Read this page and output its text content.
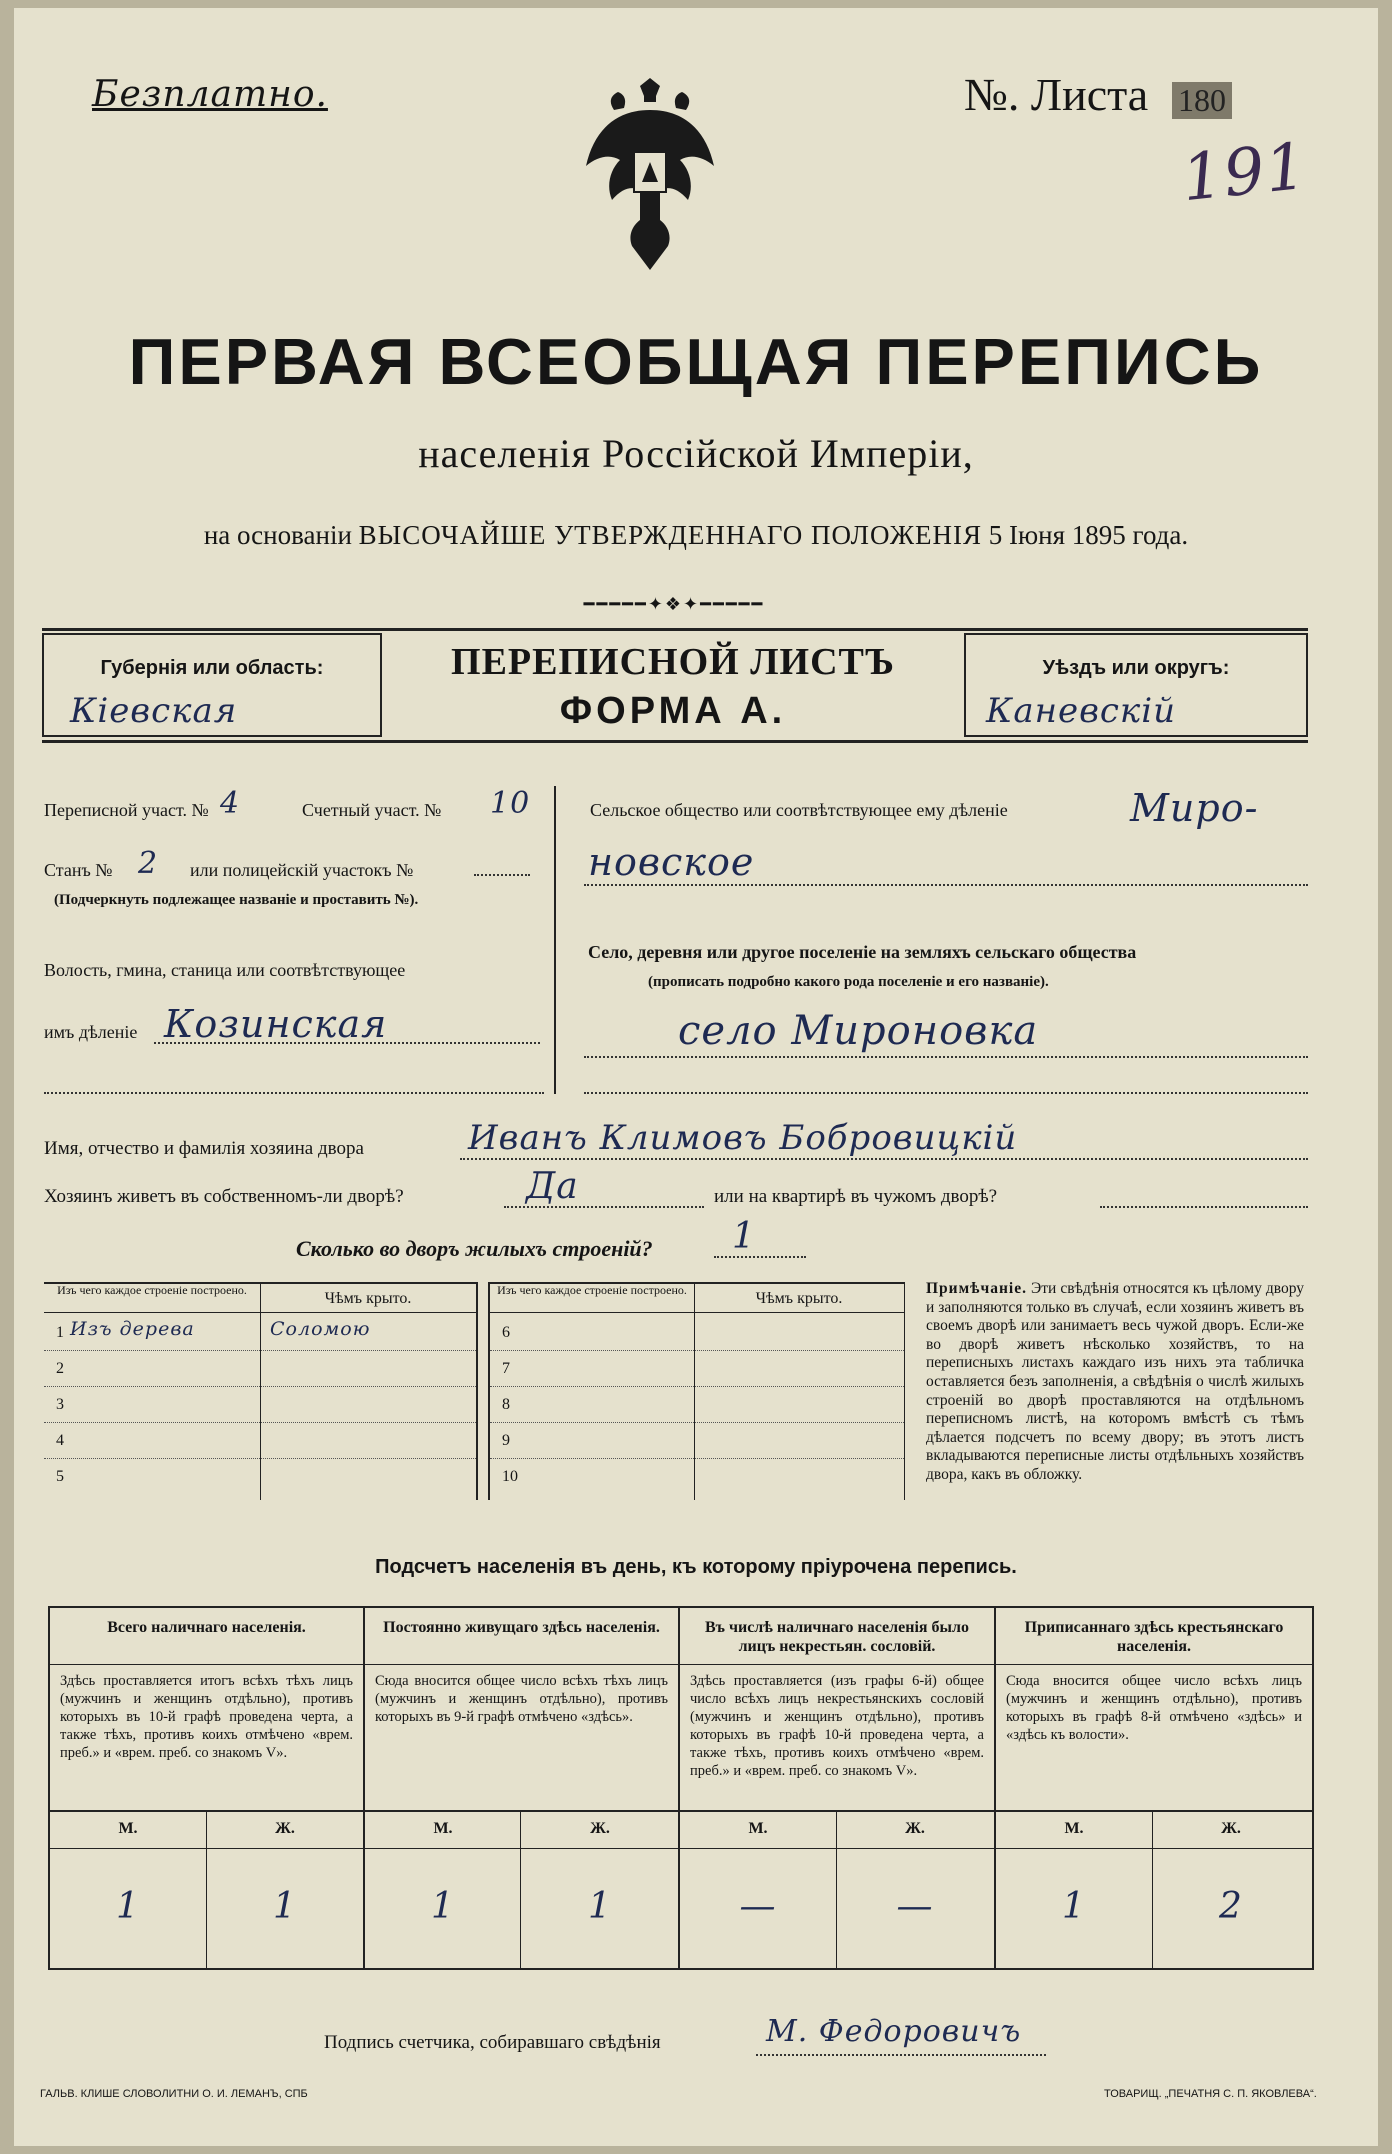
Безплатно.	№. Листа 180
191
ПЕРВАЯ ВСЕОБЩАЯ ПЕРЕПИСЬ
населенія Россійской Имперіи,
на основаніи ВЫСОЧАЙШЕ УТВЕРЖДЕННАГО ПОЛОЖЕНІЯ 5 Іюня 1895 года.
━━━━━✦❖✦━━━━━
Губернія или область:
Кіевская
Уѣздъ или округъ:
Каневскій
ПЕРЕПИСНОЙ ЛИСТЪ
ФОРМА А.
Переписной участ. № 4	Счетный участ. № 10
Станъ № 2 или полицейскій участокъ №
(Подчеркнуть подлежащее названіе и проставить №).
Волость, гмина, станица или соотвѣтствующее
имъ дѣленіе Козинская
Сельское общество или соотвѣтствующее ему дѣленіе	Миро-
новское
Село, деревня или другое поселеніе на земляхъ сельскаго общества
(прописать подробно какого рода поселеніе и его названіе).
село Мироновка
Имя, отчество и фамилія хозяина двора	Иванъ Климовъ Бобровицкій
Хозяинъ живетъ въ собственномъ-ли дворѣ?	Да	или на квартирѣ въ чужомъ дворѣ?
Сколько во дворъ жилыхъ строеній? 1
Изъ чего каждое строеніе построено.	Чѣмъ крыто.	Изъ чего каждое строеніе построено.	Чѣмъ крыто.
1 Изъ дерева	Соломою
2
3
4
5
6
7
8
9
10
Примѣчаніе. Эти свѣдѣнія относятся къ цѣлому двору и заполняются только въ случаѣ, если хозяинъ живетъ въ своемъ дворѣ или занимаетъ весь чужой дворъ. Если-же во дворѣ живетъ нѣсколько хозяйствъ, то на переписныхъ листахъ каждаго изъ нихъ эта табличка оставляется безъ заполненія, а свѣдѣнія о числѣ жилыхъ строеній во дворѣ проставляются на отдѣльномъ переписномъ листѣ, на которомъ вмѣстѣ съ тѣмъ дѣлается подсчетъ по всему двору; въ этотъ листъ вкладываются переписные листы отдѣльныхъ хозяйствъ двора, какъ въ обложку.
Подсчетъ населенія въ день, къ которому пріурочена перепись.
Всего наличнаго населенія.
Здѣсь проставляется итогъ всѣхъ тѣхъ лицъ (мужчинъ и женщинъ отдѣльно), противъ которыхъ въ 10-й графѣ проведена черта, а также тѣхъ, противъ коихъ отмѣчено «врем. преб.» и «врем. преб. со знакомъ V».
М.	Ж.
1	1
Постоянно живущаго здѣсь населенія.
Сюда вносится общее число всѣхъ тѣхъ лицъ (мужчинъ и женщинъ отдѣльно), противъ которыхъ въ 9-й графѣ отмѣчено «здѣсь».
М.	Ж.
1	1
Въ числѣ наличнаго населенія было лицъ некрестьян. сословій.
Здѣсь проставляется (изъ графы 6-й) общее число всѣхъ лицъ некрестьянскихъ сословій (мужчинъ и женщинъ отдѣльно), противъ которыхъ въ графѣ 10-й проведена черта, а также тѣхъ, противъ коихъ отмѣчено «врем. преб.» и «врем. преб. со знакомъ V».
М.	Ж.
—	—
Приписаннаго здѣсь крестьянскаго населенія.
Сюда вносится общее число всѣхъ лицъ (мужчинъ и женщинъ отдѣльно), противъ которыхъ въ графѣ 8-й отмѣчено «здѣсь» и «здѣсь къ волости».
М.	Ж.
1	2
Подпись счетчика, собиравшаго свѣдѣнія	М. Федоровичъ
ГАЛЬВ. КЛИШЕ СЛОВОЛИТНИ О. И. ЛЕМАНЪ, СПБ	ТОВАРИЩ. „ПЕЧАТНЯ С. П. ЯКОВЛЕВА“.
